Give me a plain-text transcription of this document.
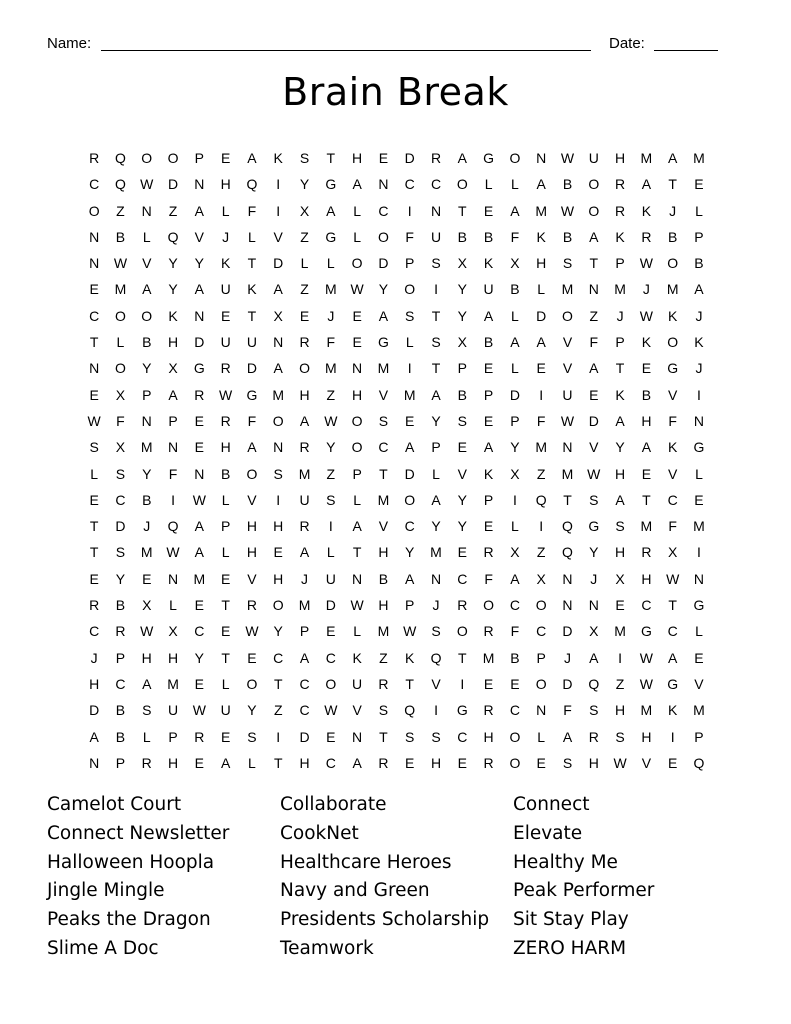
Name:	Date:
Brain Break
R Q O O P E A K S T H E D R A G O N W U H M A M
C Q W D N H Q I Y G A N C C O L L A B O R A T E
O Z N Z A L F I X A L C I N T E A M W O R K J L
N B L Q V J L V Z G L O F U B B F K B A K R B P
N W V Y Y K T D L L O D P S X K X H S T P W O B
E M A Y A U K A Z M W Y O I Y U B L M N M J M A
C O O K N E T X E J E A S T Y A L D O Z J W K J
T L B H D U U N R F E G L S X B A A V F P K O K
N O Y X G R D A O M N M I T P E L E V A T E G J
E X P A R W G M H Z H V M A B P D I U E K B V I
W F N P E R F O A W O S E Y S E P F W D A H F N
S X M N E H A N R Y O C A P E A Y M N V Y A K G
L S Y F N B O S M Z P T D L V K X Z M W H E V L
E C B I W L V I U S L M O A Y P I Q T S A T C E
T D J Q A P H H R I A V C Y Y E L I Q G S M F M
T S M W A L H E A L T H Y M E R X Z Q Y H R X I
E Y E N M E V H J U N B A N C F A X N J X H W N
R B X L E T R O M D W H P J R O C O N N E C T G
C R W X C E W Y P E L M W S O R F C D X M G C L
J P H H Y T E C A C K Z K Q T M B P J A I W A E
H C A M E L O T C O U R T V I E E O D Q Z W G V
D B S U W U Y Z C W V S Q I G R C N F S H M K M
A B L P R E S I D E N T S S C H O L A R S H I P
N P R H E A L T H C A R E H E R O E S H W V E Q
Camelot Court
Connect Newsletter
Halloween Hoopla
Jingle Mingle
Peaks the Dragon
Slime A Doc
Collaborate
CookNet
Healthcare Heroes
Navy and Green
Presidents Scholarship
Teamwork
Connect
Elevate
Healthy Me
Peak Performer
Sit Stay Play
ZERO HARM
